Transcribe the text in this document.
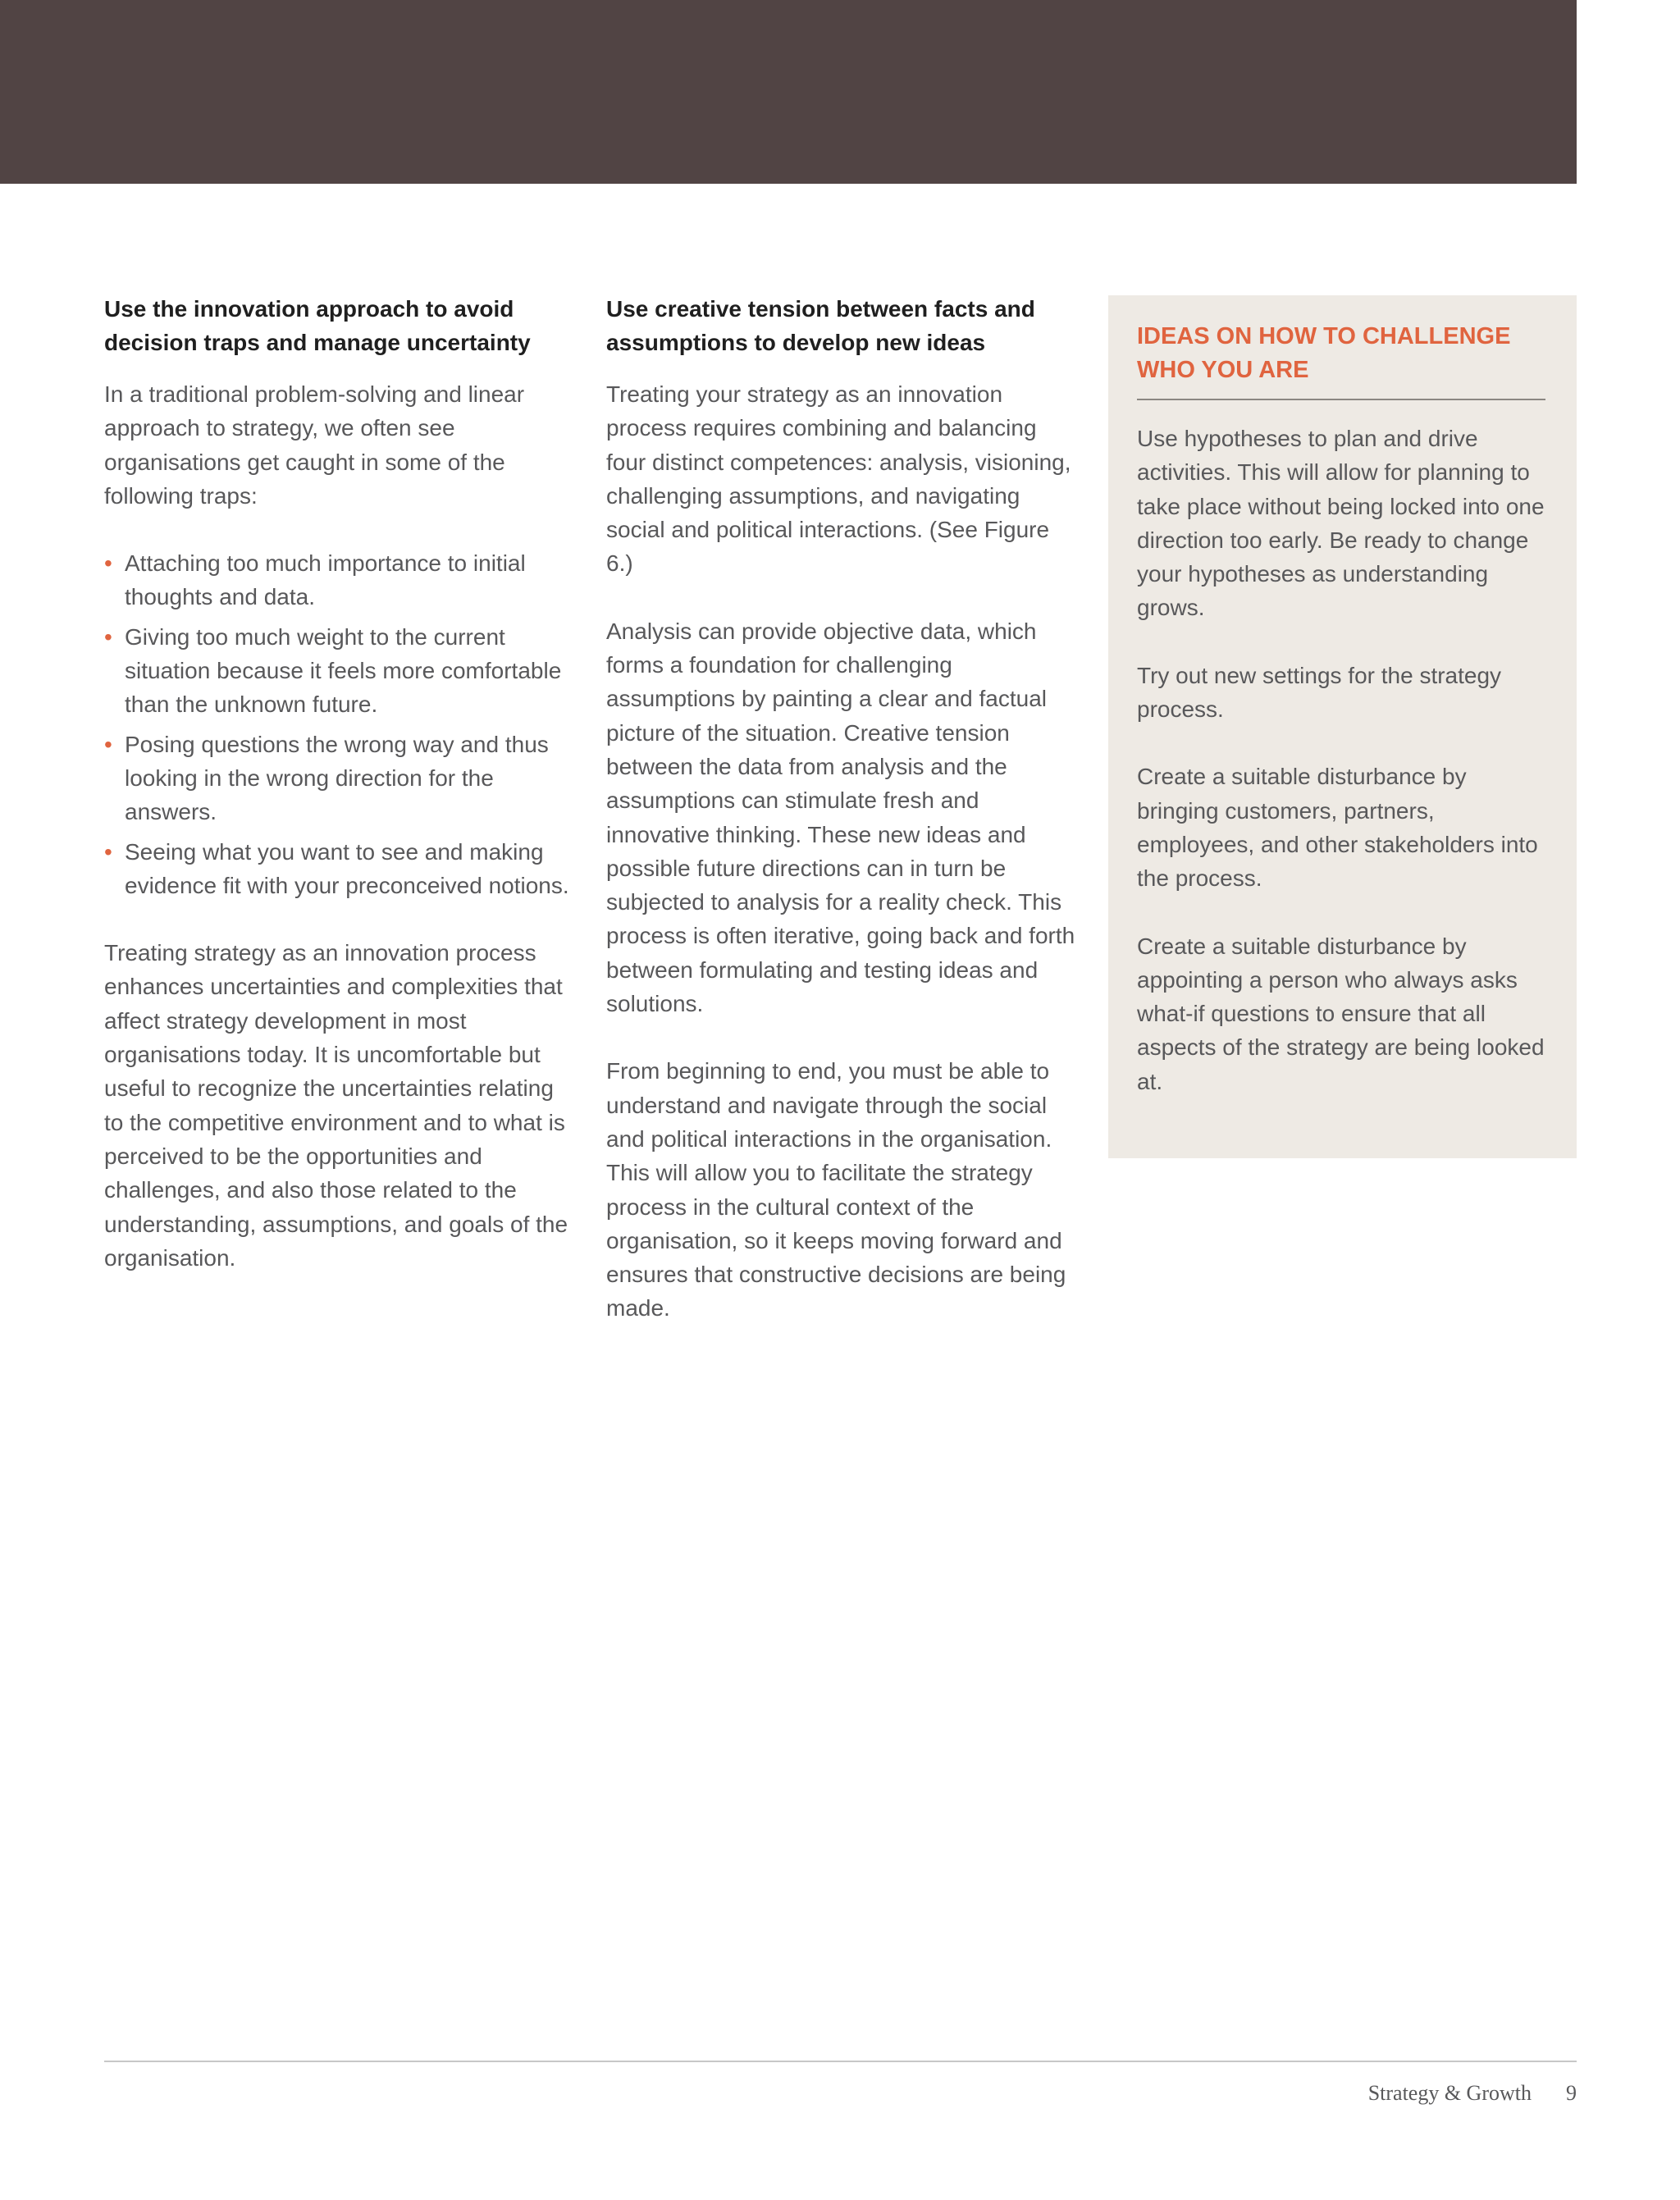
Use the innovation approach to avoid decision traps and manage uncertainty

In a traditional problem-solving and linear approach to strategy, we often see organisations get caught in some of the following traps:

• Attaching too much importance to initial thoughts and data.
• Giving too much weight to the current situation because it feels more comfortable than the unknown future.
• Posing questions the wrong way and thus looking in the wrong direction for the answers.
• Seeing what you want to see and making evidence fit with your preconceived notions.

Treating strategy as an innovation process enhances uncertainties and complexities that affect strategy development in most organisations today. It is uncomfortable but useful to recognize the uncertainties relating to the competitive environment and to what is perceived to be the opportunities and challenges, and also those related to the understanding, assumptions, and goals of the organisation.

Use creative tension between facts and assumptions to develop new ideas

Treating your strategy as an innovation process requires combining and balancing four distinct competences: analysis, visioning, challenging assumptions, and navigating social and political interactions. (See Figure 6.)

Analysis can provide objective data, which forms a foundation for challenging assumptions by painting a clear and factual picture of the situation. Creative tension between the data from analysis and the assumptions can stimulate fresh and innovative thinking. These new ideas and possible future directions can in turn be subjected to analysis for a reality check. This process is often iterative, going back and forth between formulating and testing ideas and solutions.

From beginning to end, you must be able to understand and navigate through the social and political interactions in the organisation. This will allow you to facilitate the strategy process in the cultural context of the organisation, so it keeps moving forward and ensures that constructive decisions are being made.

IDEAS ON HOW TO CHALLENGE WHO YOU ARE

Use hypotheses to plan and drive activities. This will allow for planning to take place without being locked into one direction too early. Be ready to change your hypotheses as understanding grows.

Try out new settings for the strategy process.

Create a suitable disturbance by bringing customers, partners, employees, and other stakeholders into the process.

Create a suitable disturbance by appointing a person who always asks what-if questions to ensure that all aspects of the strategy are being looked at.

Strategy & Growth 9
